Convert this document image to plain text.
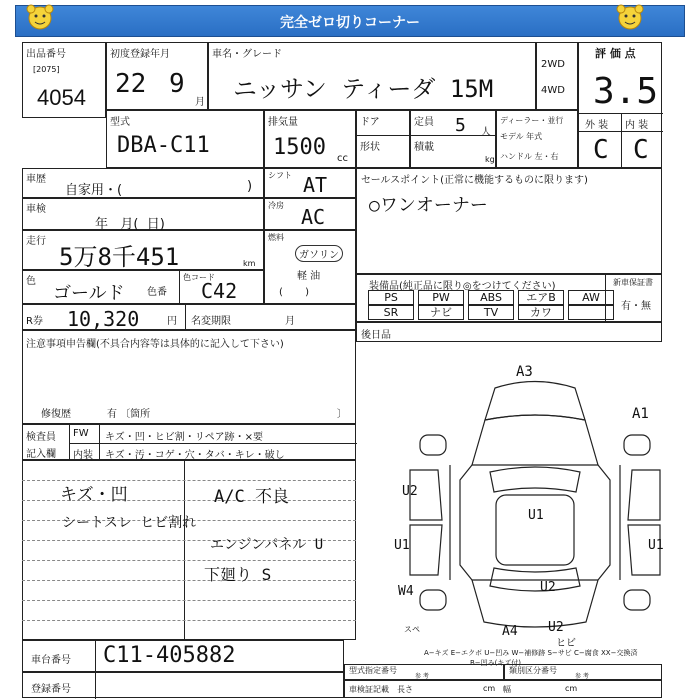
完全ゼロ切りコーナー
出品番号
[2075]
4054
初度登録年月
22 9
月
車名・グレード
ニッサン ティーダ 15M
2WD
4WD
評 価 点
3.5
外 装 内 装
C C
型式
DBA-C11
排気量
1500 cc
ドア
形状
定員 5 人
積載
kg
ディーラー・並行
モデル 年式
ハンドル 左・右
車歴
自家用・(	)
シフト AT
車検
年   月(  日)
冷房 AC
走行
5万8千451	km
燃料
ガソリン
軽 油
(       )
色
ゴールド 色番
色コード
C42
R券 10,320	円 名変期限	月
注意事項申告欄(不具合内容等は具体的に記入して下さい)
修復歴	有 〔箇所	〕
セールスポイント(正常に機能するものに限ります)
○ワンオーナー
装備品(純正品に限り◎をつけてください)	新車保証書
有・無
後日品
検査員
記入欄
FW キズ・凹・ヒビ割・リペア跡・×要
内装 キズ・汚・コゲ・穴・タバ・キレ・破し
キズ・凹
シートスレ ヒビ割れ
A/C 不良
エンジンパネル U
下廻り S
A3
A1
U2
U1
U1	U1
W4	U2
A4 U2
スペ
ヒビ
A−キズ E−エクボ U−凹み W−補修跡 S−サビ C−腐食 XX−交換済
B−凹み(キズ付)
車台番号 C11-405882
登録番号
型式指定番号
参 考
類別区分番号
参 考
車検証記載 長さ	cm 幅	cm
PS	PW	ABS	エアB	AW
SR	ナビ	TV	カワ
